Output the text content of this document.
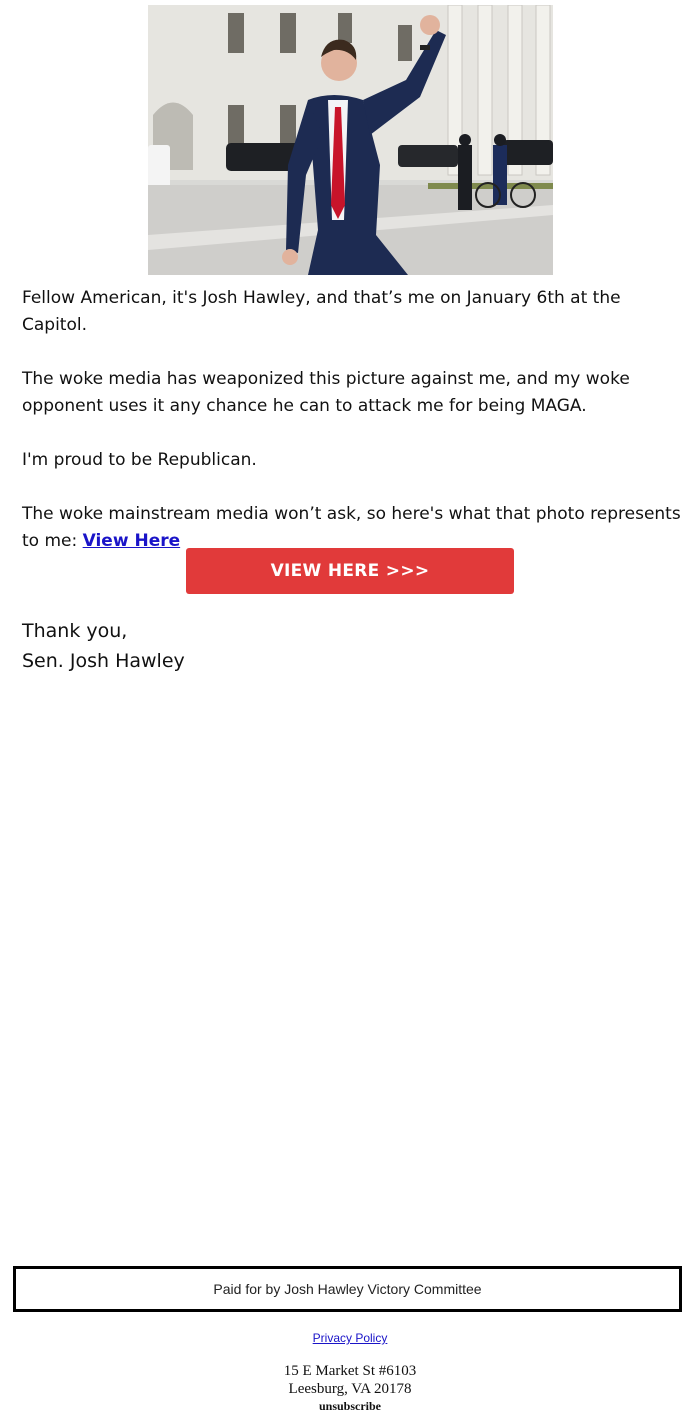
Fellow American, it's Josh Hawley, and that’s me on January 6th at the Capitol.

The woke media has weaponized this picture against me, and my woke opponent uses it any chance he can to attack me for being MAGA.

I'm proud to be Republican.

The woke mainstream media won’t ask, so here's what that photo represents to me: View Here

VIEW HERE >>>
Thank you,
Sen. Josh Hawley
Paid for by Josh Hawley Victory Committee
Privacy Policy
15 E Market St #6103
Leesburg, VA 20178
unsubscribe
